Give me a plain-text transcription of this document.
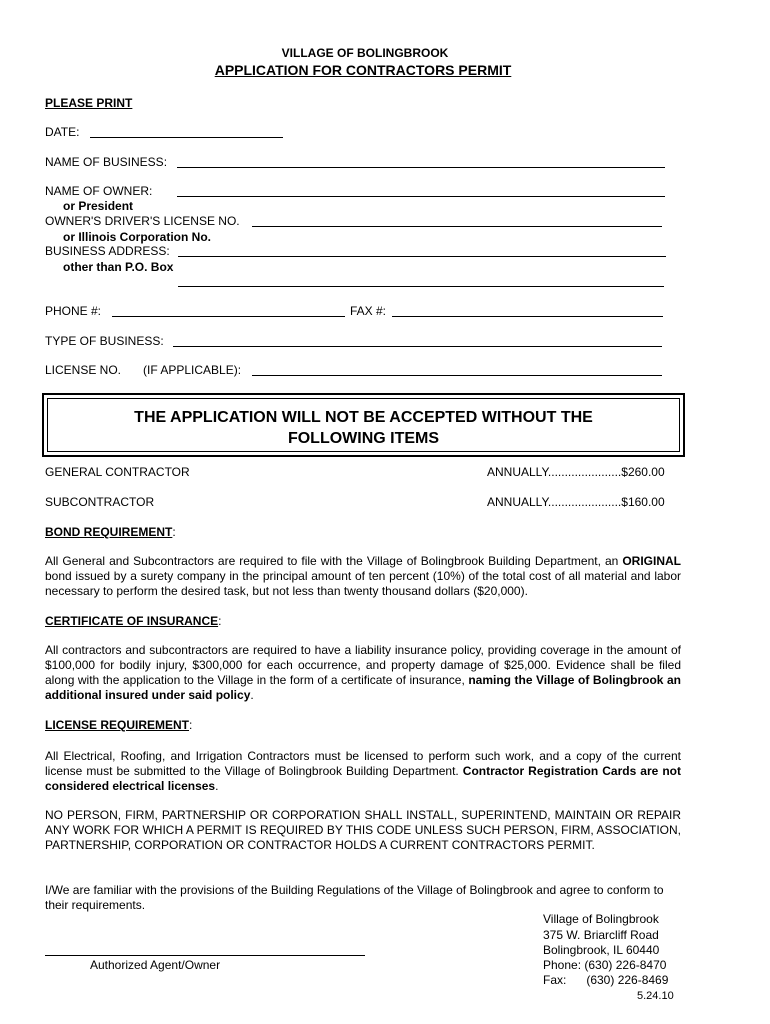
VILLAGE OF BOLINGBROOK
APPLICATION FOR CONTRACTORS PERMIT
PLEASE PRINT
DATE:
NAME OF BUSINESS:
NAME OF OWNER:
or President
OWNER'S DRIVER'S LICENSE NO.
or Illinois Corporation No.
BUSINESS ADDRESS:
other than P.O. Box
PHONE #:	FAX #:
TYPE OF BUSINESS:
LICENSE NO. (IF APPLICABLE):
THE APPLICATION WILL NOT BE ACCEPTED WITHOUT THE
FOLLOWING ITEMS
GENERAL CONTRACTOR	ANNUALLY......................$260.00
SUBCONTRACTOR	ANNUALLY......................$160.00
BOND REQUIREMENT:
All General and Subcontractors are required to file with the Village of Bolingbrook Building Department, an ORIGINAL bond issued by a surety company in the principal amount of ten percent (10%) of the total cost of all material and labor necessary to perform the desired task, but not less than twenty thousand dollars ($20,000).
CERTIFICATE OF INSURANCE:
All contractors and subcontractors are required to have a liability insurance policy, providing coverage in the amount of $100,000 for bodily injury, $300,000 for each occurrence, and property damage of $25,000. Evidence shall be filed along with the application to the Village in the form of a certificate of insurance, naming the Village of Bolingbrook an additional insured under said policy.
LICENSE REQUIREMENT:
All Electrical, Roofing, and Irrigation Contractors must be licensed to perform such work, and a copy of the current license must be submitted to the Village of Bolingbrook Building Department. Contractor Registration Cards are not considered electrical licenses.
NO PERSON, FIRM, PARTNERSHIP OR CORPORATION SHALL INSTALL, SUPERINTEND, MAINTAIN OR REPAIR ANY WORK FOR WHICH A PERMIT IS REQUIRED BY THIS CODE UNLESS SUCH PERSON, FIRM, ASSOCIATION, PARTNERSHIP, CORPORATION OR CONTRACTOR HOLDS A CURRENT CONTRACTORS PERMIT.
I/We are familiar with the provisions of the Building Regulations of the Village of Bolingbrook and agree to conform to their requirements.
Authorized Agent/Owner
Village of Bolingbrook
375 W. Briarcliff Road
Bolingbrook, IL 60440
Phone: (630) 226-8470
Fax:      (630) 226-8469
5.24.10
